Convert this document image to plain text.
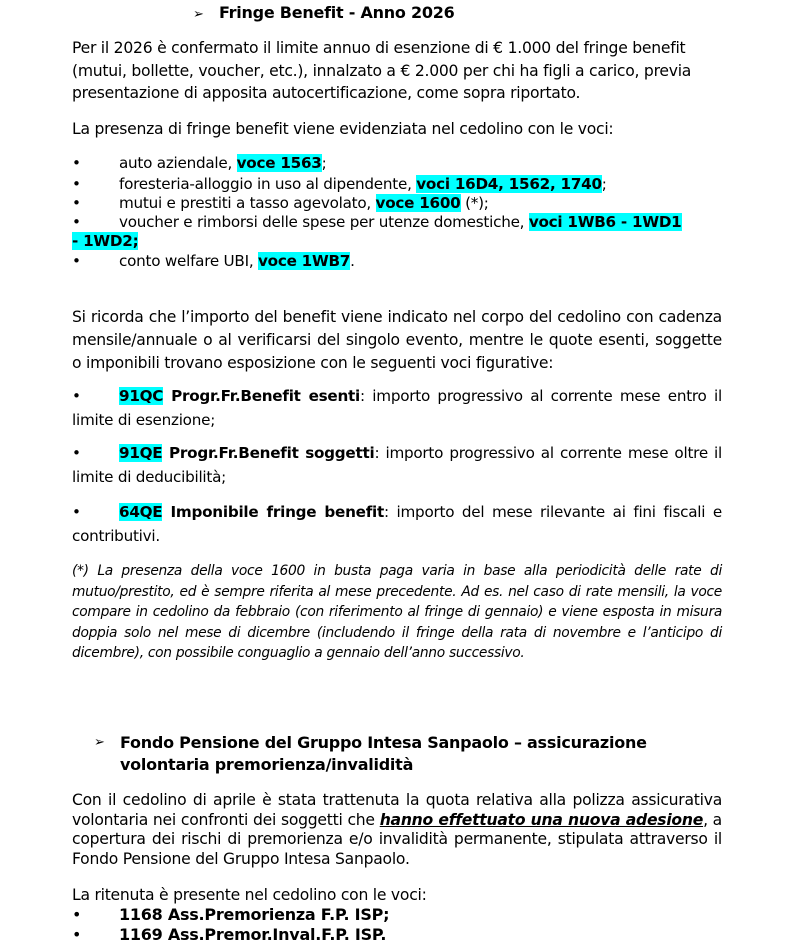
➢ Fringe Benefit - Anno 2026
Per il 2026 è confermato il limite annuo di esenzione di € 1.000 del fringe benefit (mutui, bollette, voucher, etc.), innalzato a € 2.000 per chi ha figli a carico, previa presentazione di apposita autocertificazione, come sopra riportato.
La presenza di fringe benefit viene evidenziata nel cedolino con le voci:
•	auto aziendale, voce 1563;
•	foresteria-alloggio in uso al dipendente, voci 16D4, 1562, 1740;
•	mutui e prestiti a tasso agevolato, voce 1600 (*);
•	voucher e rimborsi delle spese per utenze domestiche, voci 1WB6 - 1WD1
- 1WD2;
•	conto welfare UBI, voce 1WB7.
Si ricorda che l’importo del benefit viene indicato nel corpo del cedolino con cadenza mensile/annuale o al verificarsi del singolo evento, mentre le quote esenti, soggette o imponibili trovano esposizione con le seguenti voci figurative:
•	91QC Progr.Fr.Benefit esenti: importo progressivo al corrente mese entro il limite di esenzione;
•	91QE Progr.Fr.Benefit soggetti: importo progressivo al corrente mese oltre il limite di deducibilità;
•	64QE Imponibile fringe benefit: importo del mese rilevante ai fini fiscali e contributivi.
(*) La presenza della voce 1600 in busta paga varia in base alla periodicità delle rate di mutuo/prestito, ed è sempre riferita al mese precedente. Ad es. nel caso di rate mensili, la voce compare in cedolino da febbraio (con riferimento al fringe di gennaio) e viene esposta in misura doppia solo nel mese di dicembre (includendo il fringe della rata di novembre e l’anticipo di dicembre), con possibile conguaglio a gennaio dell’anno successivo.
➢ Fondo Pensione del Gruppo Intesa Sanpaolo – assicurazione volontaria premorienza/invalidità
Con il cedolino di aprile è stata trattenuta la quota relativa alla polizza assicurativa volontaria nei confronti dei soggetti che hanno effettuato una nuova adesione, a copertura dei rischi di premorienza e/o invalidità permanente, stipulata attraverso il Fondo Pensione del Gruppo Intesa Sanpaolo.
La ritenuta è presente nel cedolino con le voci:
• 1168 Ass.Premorienza F.P. ISP;
• 1169 Ass.Premor.Inval.F.P. ISP.
